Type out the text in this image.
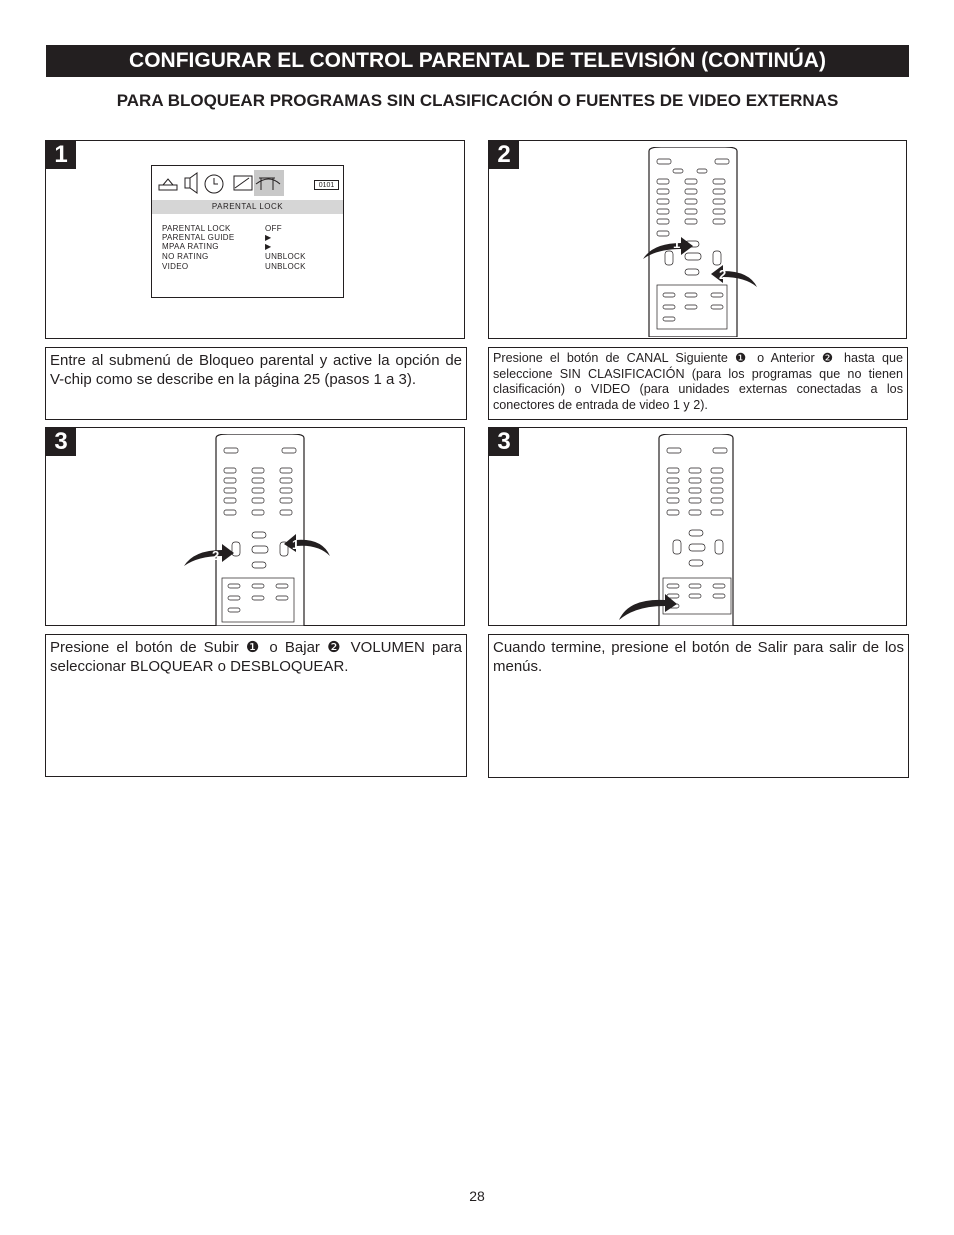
CONFIGURAR EL CONTROL PARENTAL DE TELEVISIÓN (CONTINÚA)
PARA BLOQUEAR PROGRAMAS SIN CLASIFICACIÓN O FUENTES DE VIDEO EXTERNAS
1
0101
PARENTAL LOCK
PARENTAL LOCK	OFF
PARENTAL GUIDE	▶
MPAA RATING	▶
NO RATING	UNBLOCK
VIDEO	UNBLOCK
2
1
2
Entre al submenú de Bloqueo parental y active la opción de V-chip como se describe en la página 25 (pasos 1 a 3).
Presione el botón de CANAL Siguiente ❶ o Anterior ❷ hasta que seleccione SIN CLASIFICACIÓN (para los programas que no tienen clasificación) o VIDEO (para unidades externas conectadas a los conectores de entrada de video 1 y 2).
3
1
2
3
Presione el botón de Subir ❶ o Bajar ❷ VOLUMEN para seleccionar BLOQUEAR o DESBLOQUEAR.
Cuando termine, presione el botón de Salir para salir de los menús.
28
